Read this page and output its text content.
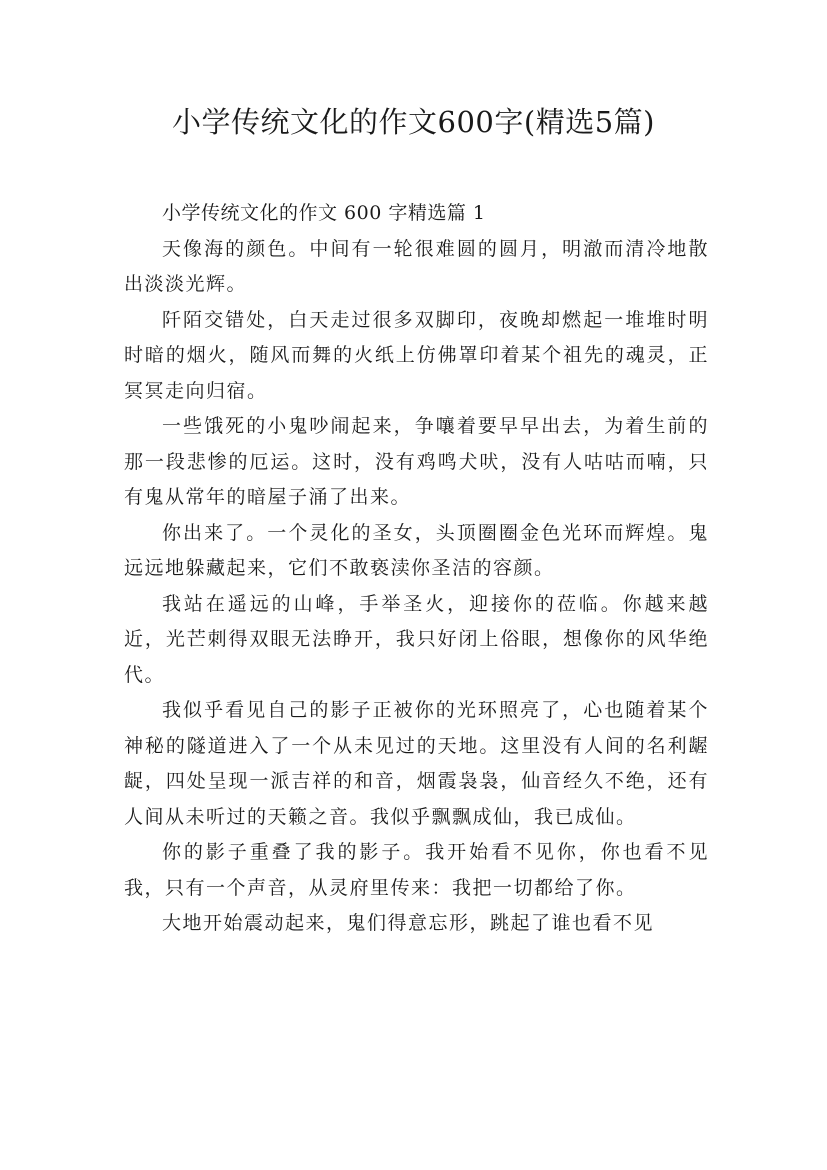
小学传统文化的作文600字(精选5篇)

小学传统文化的作文 600 字精选篇 1

天像海的颜色。中间有一轮很难圆的圆月，明澈而清冷地散出淡淡光辉。

阡陌交错处，白天走过很多双脚印，夜晚却燃起一堆堆时明时暗的烟火，随风而舞的火纸上仿佛罩印着某个祖先的魂灵，正冥冥走向归宿。

一些饿死的小鬼吵闹起来，争嚷着要早早出去，为着生前的那一段悲惨的厄运。这时，没有鸡鸣犬吠，没有人咕咕而喃，只有鬼从常年的暗屋子涌了出来。

你出来了。一个灵化的圣女，头顶圈圈金色光环而辉煌。鬼远远地躲藏起来，它们不敢亵渎你圣洁的容颜。

我站在遥远的山峰，手举圣火，迎接你的莅临。你越来越近，光芒刺得双眼无法睁开，我只好闭上俗眼，想像你的风华绝代。

我似乎看见自己的影子正被你的光环照亮了，心也随着某个神秘的隧道进入了一个从未见过的天地。这里没有人间的名利龌龊，四处呈现一派吉祥的和音，烟霞袅袅，仙音经久不绝，还有人间从未听过的天籁之音。我似乎飘飘成仙，我已成仙。

你的影子重叠了我的影子。我开始看不见你，你也看不见我，只有一个声音，从灵府里传来：我把一切都给了你。

大地开始震动起来，鬼们得意忘形，跳起了谁也看不见
